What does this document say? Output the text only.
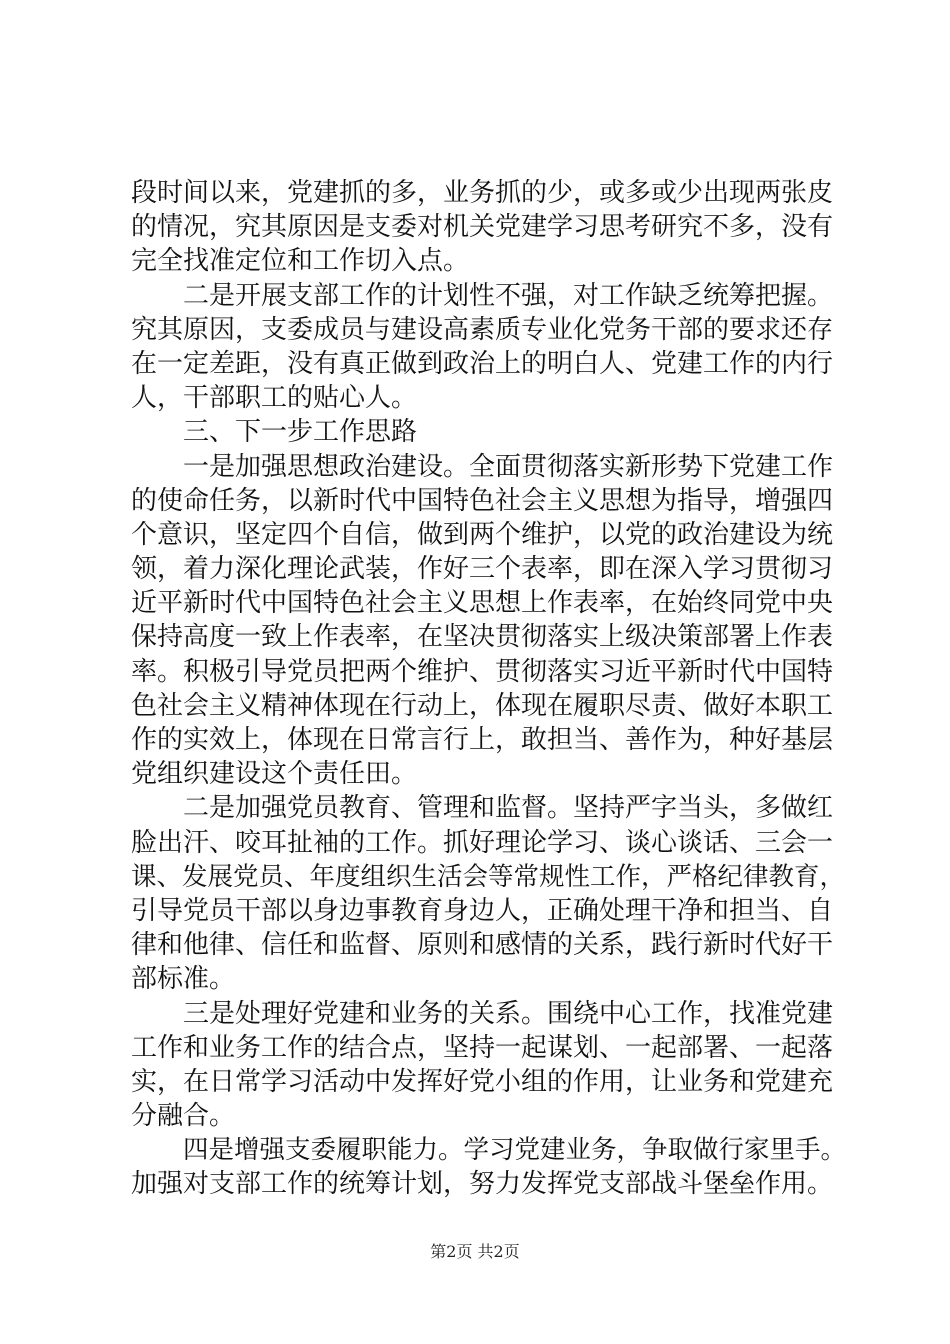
段时间以来，党建抓的多，业务抓的少，或多或少出现两张皮
的情况，究其原因是支委对机关党建学习思考研究不多，没有
完全找准定位和工作切入点。
二是开展支部工作的计划性不强，对工作缺乏统筹把握。
究其原因，支委成员与建设高素质专业化党务干部的要求还存
在一定差距，没有真正做到政治上的明白人、党建工作的内行
人，干部职工的贴心人。
三、下一步工作思路
一是加强思想政治建设。全面贯彻落实新形势下党建工作
的使命任务，以新时代中国特色社会主义思想为指导，增强四
个意识，坚定四个自信，做到两个维护，以党的政治建设为统
领，着力深化理论武装，作好三个表率，即在深入学习贯彻习
近平新时代中国特色社会主义思想上作表率，在始终同党中央
保持高度一致上作表率，在坚决贯彻落实上级决策部署上作表
率。积极引导党员把两个维护、贯彻落实习近平新时代中国特
色社会主义精神体现在行动上，体现在履职尽责、做好本职工
作的实效上，体现在日常言行上，敢担当、善作为，种好基层
党组织建设这个责任田。
二是加强党员教育、管理和监督。坚持严字当头，多做红
脸出汗、咬耳扯袖的工作。抓好理论学习、谈心谈话、三会一
课、发展党员、年度组织生活会等常规性工作，严格纪律教育，
引导党员干部以身边事教育身边人，正确处理干净和担当、自
律和他律、信任和监督、原则和感情的关系，践行新时代好干
部标准。
三是处理好党建和业务的关系。围绕中心工作，找准党建
工作和业务工作的结合点，坚持一起谋划、一起部署、一起落
实，在日常学习活动中发挥好党小组的作用，让业务和党建充
分融合。
四是增强支委履职能力。学习党建业务，争取做行家里手。
加强对支部工作的统筹计划，努力发挥党支部战斗堡垒作用。
第2页 共2页
